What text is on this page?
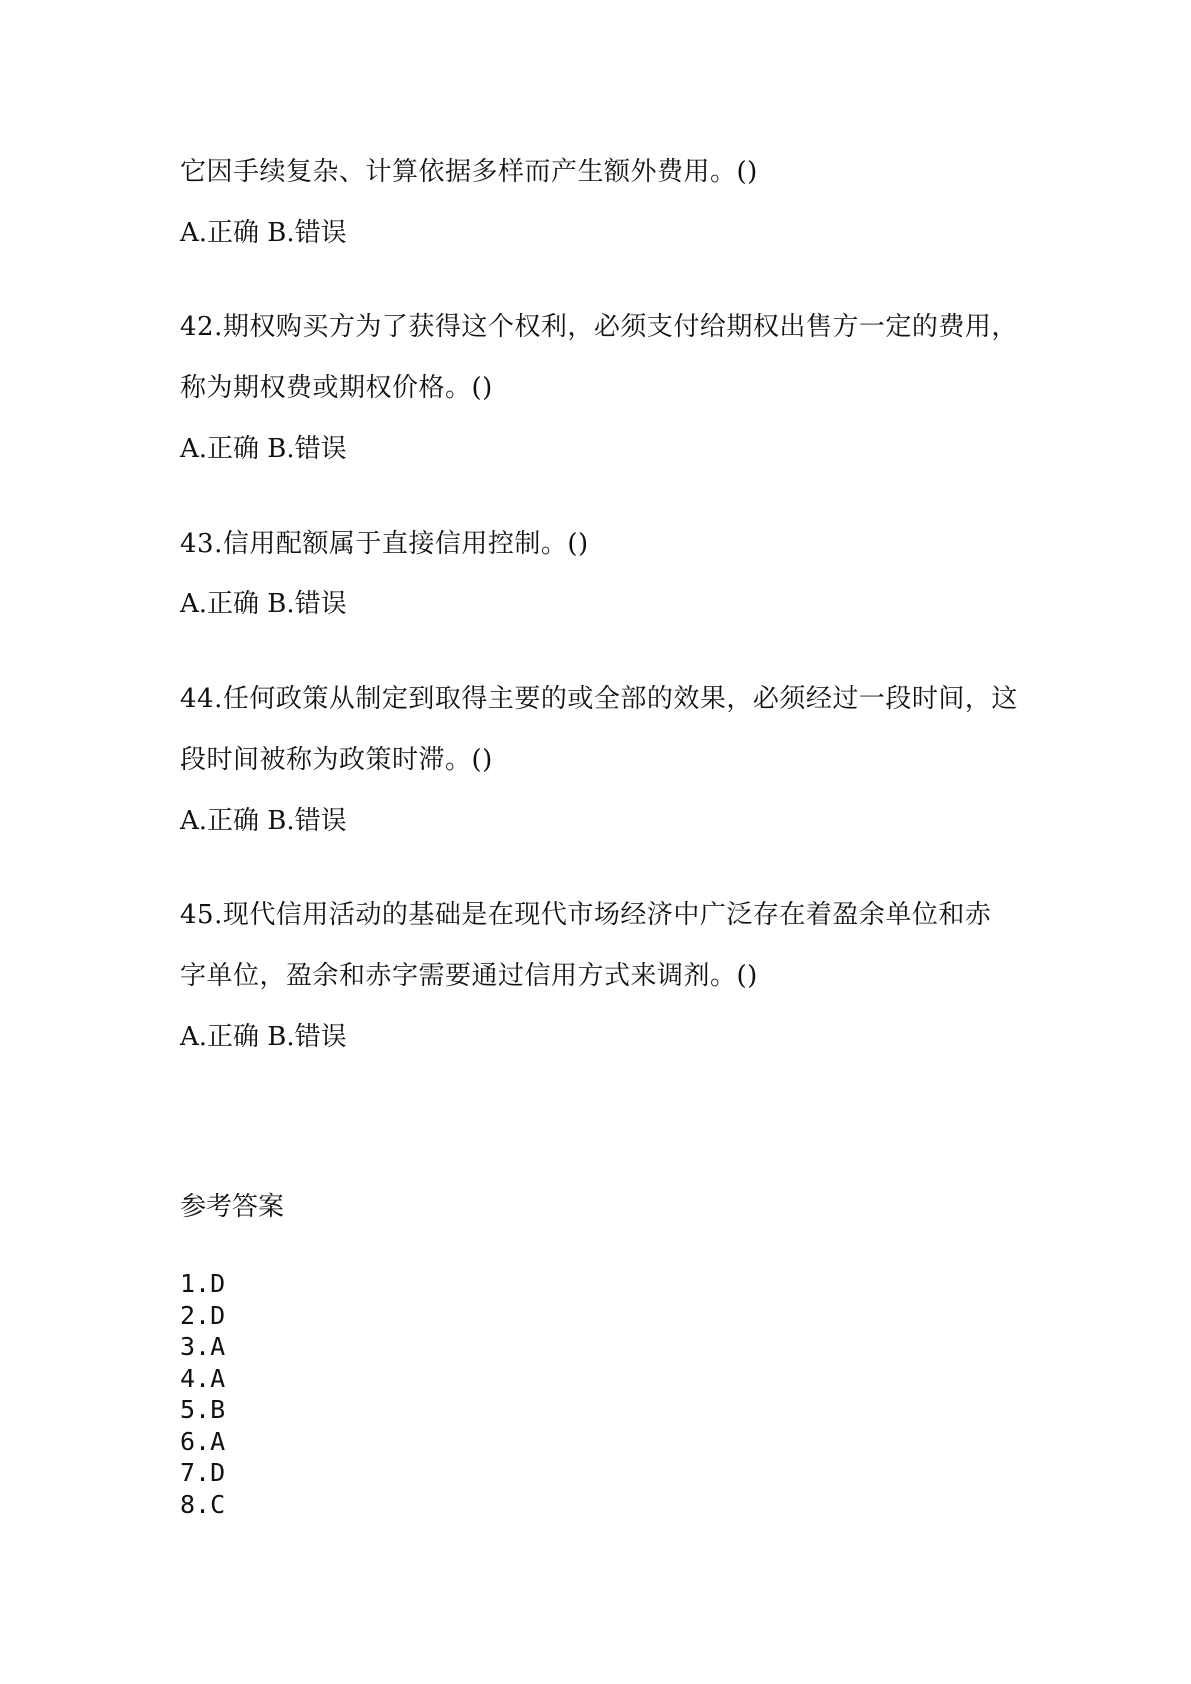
它因手续复杂、计算依据多样而产生额外费用。()
A.正确 B.错误
42.期权购买方为了获得这个权利，必须支付给期权出售方一定的费用，
称为期权费或期权价格。()
A.正确 B.错误
43.信用配额属于直接信用控制。()
A.正确 B.错误
44.任何政策从制定到取得主要的或全部的效果，必须经过一段时间，这
段时间被称为政策时滞。()
A.正确 B.错误
45.现代信用活动的基础是在现代市场经济中广泛存在着盈余单位和赤
字单位，盈余和赤字需要通过信用方式来调剂。()
A.正确 B.错误
参考答案
1.D
2.D
3.A
4.A
5.B
6.A
7.D
8.C
